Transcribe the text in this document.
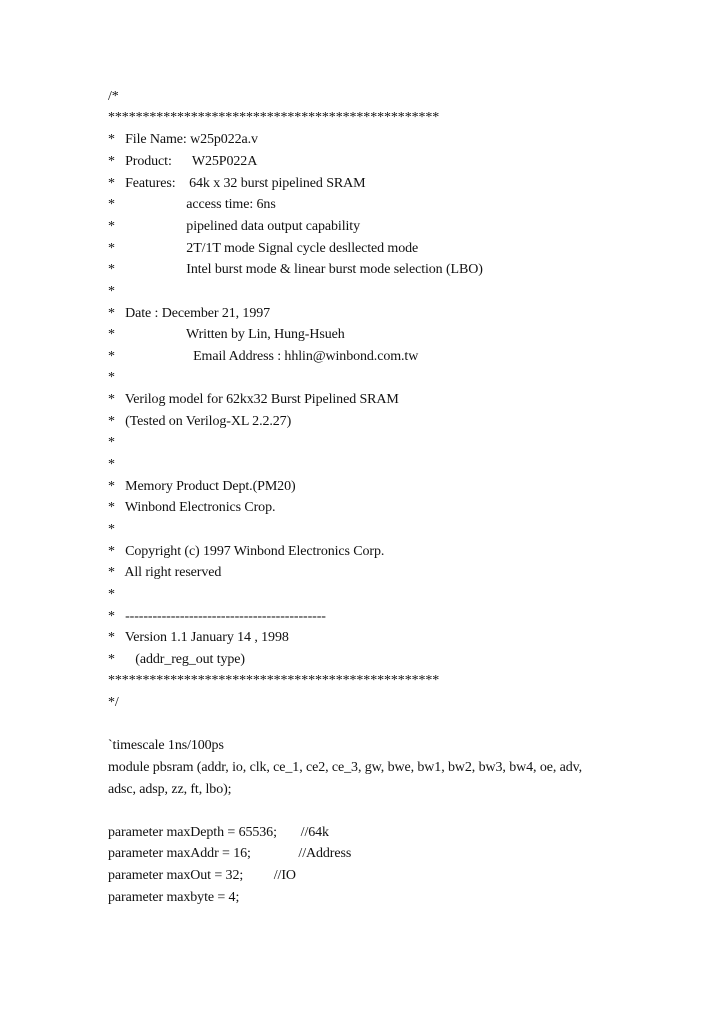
/*
************************************************
*   File Name: w25p022a.v
*   Product:      W25P022A
*   Features:    64k x 32 burst pipelined SRAM
*                     access time: 6ns
*                     pipelined data output capability
*                     2T/1T mode Signal cycle desllected mode
*                     Intel burst mode & linear burst mode selection (LBO)
*
*   Date : December 21, 1997
*                     Written by Lin, Hung-Hsueh
*                       Email Address : hhlin@winbond.com.tw
*
*   Verilog model for 62kx32 Burst Pipelined SRAM
*   (Tested on Verilog-XL 2.2.27)
*
*
*   Memory Product Dept.(PM20)
*   Winbond Electronics Crop.
*
*   Copyright (c) 1997 Winbond Electronics Corp.
*   All right reserved
*
*   --------------------------------------------
*   Version 1.1 January 14 , 1998
*      (addr_reg_out type)
************************************************
*/
`timescale 1ns/100ps
module pbsram (addr, io, clk, ce_1, ce2, ce_3, gw, bwe, bw1, bw2, bw3, bw4, oe, adv,
adsc, adsp, zz, ft, lbo);
parameter maxDepth = 65536;       //64k
parameter maxAddr = 16;              //Address
parameter maxOut = 32;         //IO
parameter maxbyte = 4;
